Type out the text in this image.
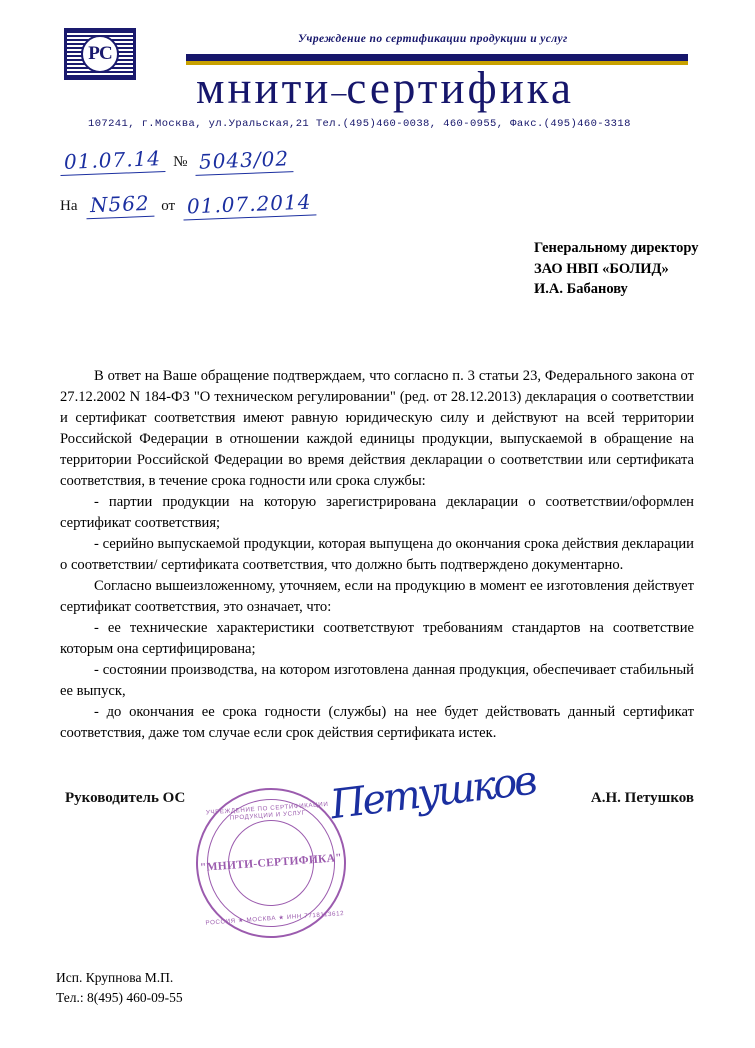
РС
Учреждение по сертификации продукции и услуг
мнити–сертифика
107241, г.Москва, ул.Уральская,21 Тел.(495)460-0038, 460-0955, Факс.(495)460-3318
01.07.14 № 5043/02
На N562 от 01.07.2014
Генеральному директору
ЗАО НВП «БОЛИД»
И.А. Бабанову

В ответ на Ваше обращение подтверждаем, что согласно п. 3 статьи 23, Федерального закона от 27.12.2002 N 184-ФЗ "О техническом регулировании" (ред. от 28.12.2013) декларация о соответствии и сертификат соответствия имеют равную юридическую силу и действуют на всей территории Российской Федерации в отношении каждой единицы продукции, выпускаемой в обращение на территории Российской Федерации во время действия декларации о соответствии или сертификата соответствия, в течение срока годности или срока службы:

- партии продукции на которую зарегистрирована декларации о соответствии/оформлен сертификат соответствия;

- серийно выпускаемой продукции, которая выпущена до окончания срока действия декларации о соответствии/ сертификата соответствия, что должно быть подтверждено документарно.

Согласно вышеизложенному, уточняем, если на продукцию в момент ее изготовления действует сертификат соответствия, это означает, что:

- ее технические характеристики соответствуют требованиям стандартов на соответствие которым она сертифицирована;

- состоянии производства, на котором изготовлена данная продукция, обеспечивает стабильный ее выпуск,

- до окончания ее срока годности (службы) на нее будет действовать данный сертификат соответствия, даже том случае если срок действия сертификата истек.

Руководитель ОС	А.Н. Петушков
Петушков
УЧРЕЖДЕНИЕ ПО СЕРТИФИКАЦИИ ПРОДУКЦИИ И УСЛУГ
"МНИТИ-СЕРТИФИКА"
РОССИЯ ★ МОСКВА ★ ИНН 7718113612
Исп. Крупнова М.П.
Тел.: 8(495) 460-09-55
